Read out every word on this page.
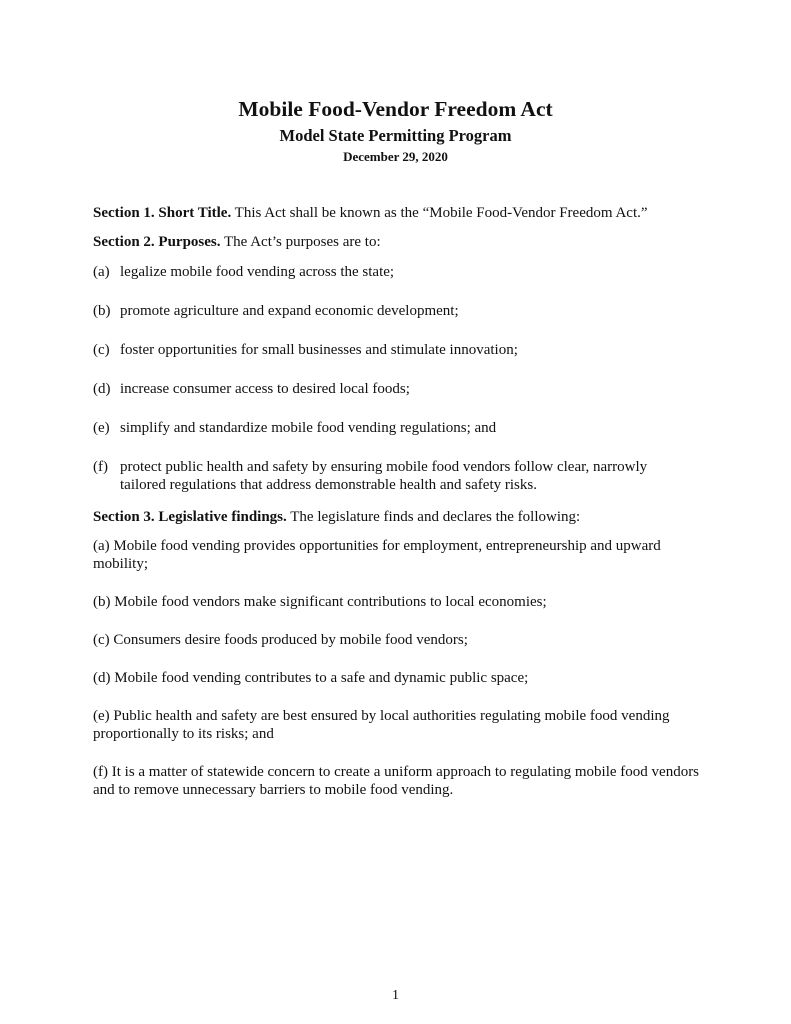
Mobile Food-Vendor Freedom Act

Model State Permitting Program

December 29, 2020

Section 1. Short Title. This Act shall be known as the “Mobile Food-Vendor Freedom Act.”

Section 2. Purposes. The Act’s purposes are to:

(a) legalize mobile food vending across the state;
(b) promote agriculture and expand economic development;
(c) foster opportunities for small businesses and stimulate innovation;
(d) increase consumer access to desired local foods;
(e) simplify and standardize mobile food vending regulations; and
(f) protect public health and safety by ensuring mobile food vendors follow clear, narrowly tailored regulations that address demonstrable health and safety risks.

Section 3. Legislative findings. The legislature finds and declares the following:

(a) Mobile food vending provides opportunities for employment, entrepreneurship and upward mobility;

(b) Mobile food vendors make significant contributions to local economies;

(c) Consumers desire foods produced by mobile food vendors;

(d) Mobile food vending contributes to a safe and dynamic public space;

(e) Public health and safety are best ensured by local authorities regulating mobile food vending proportionally to its risks; and

(f) It is a matter of statewide concern to create a uniform approach to regulating mobile food vendors and to remove unnecessary barriers to mobile food vending.

1
